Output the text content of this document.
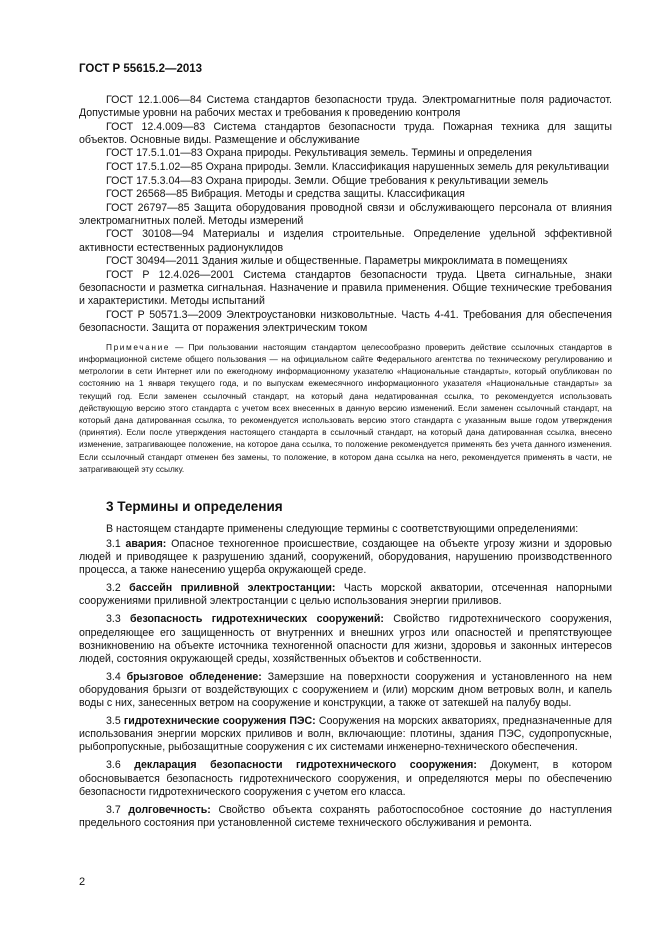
ГОСТ Р 55615.2—2013

ГОСТ 12.1.006—84 Система стандартов безопасности труда. Электромагнитные поля радиочастот. Допустимые уровни на рабочих местах и требования к проведению контроля

ГОСТ 12.4.009—83 Система стандартов безопасности труда. Пожарная техника для защиты объектов. Основные виды. Размещение и обслуживание

ГОСТ 17.5.1.01—83 Охрана природы. Рекультивация земель. Термины и определения

ГОСТ 17.5.1.02—85 Охрана природы. Земли. Классификация нарушенных земель для рекультивации

ГОСТ 17.5.3.04—83 Охрана природы. Земли. Общие требования к рекультивации земель

ГОСТ 26568—85 Вибрация. Методы и средства защиты. Классификация

ГОСТ 26797—85 Защита оборудования проводной связи и обслуживающего персонала от влияния электромагнитных полей. Методы измерений

ГОСТ 30108—94 Материалы и изделия строительные. Определение удельной эффективной активности естественных радионуклидов

ГОСТ 30494—2011 Здания жилые и общественные. Параметры микроклимата в помещениях

ГОСТ Р 12.4.026—2001 Система стандартов безопасности труда. Цвета сигнальные, знаки безопасности и разметка сигнальная. Назначение и правила применения. Общие технические требования и характеристики. Методы испытаний

ГОСТ Р 50571.3—2009 Электроустановки низковольтные. Часть 4-41. Требования для обеспечения безопасности. Защита от поражения электрическим током

Примечание — При пользовании настоящим стандартом целесообразно проверить действие ссылочных стандартов в информационной системе общего пользования — на официальном сайте Федерального агентства по техническому регулированию и метрологии в сети Интернет или по ежегодному информационному указателю «Национальные стандарты», который опубликован по состоянию на 1 января текущего года, и по выпускам ежемесячного информационного указателя «Национальные стандарты» за текущий год. Если заменен ссылочный стандарт, на который дана недатированная ссылка, то рекомендуется использовать действующую версию этого стандарта с учетом всех внесенных в данную версию изменений. Если заменен ссылочный стандарт, на который дана датированная ссылка, то рекомендуется использовать версию этого стандарта с указанным выше годом утверждения (принятия). Если после утверждения настоящего стандарта в ссылочный стандарт, на который дана датированная ссылка, внесено изменение, затрагивающее положение, на которое дана ссылка, то положение рекомендуется применять без учета данного изменения. Если ссылочный стандарт отменен без замены, то положение, в котором дана ссылка на него, рекомендуется применять в части, не затрагивающей эту ссылку.

3 Термины и определения

В настоящем стандарте применены следующие термины с соответствующими определениями:

3.1 авария: Опасное техногенное происшествие, создающее на объекте угрозу жизни и здоровью людей и приводящее к разрушению зданий, сооружений, оборудования, нарушению производственного процесса, а также нанесению ущерба окружающей среде.

3.2 бассейн приливной электростанции: Часть морской акватории, отсеченная напорными сооружениями приливной электростанции с целью использования энергии приливов.

3.3 безопасность гидротехнических сооружений: Свойство гидротехнического сооружения, определяющее его защищенность от внутренних и внешних угроз или опасностей и препятствующее возникновению на объекте источника техногенной опасности для жизни, здоровья и законных интересов людей, состояния окружающей среды, хозяйственных объектов и собственности.

3.4 брызговое обледенение: Замерзшие на поверхности сооружения и установленного на нем оборудования брызги от воздействующих с сооружением и (или) морским дном ветровых волн, и капель воды с них, занесенных ветром на сооружение и конструкции, а также от затекшей на палубу воды.

3.5 гидротехнические сооружения ПЭС: Сооружения на морских акваториях, предназначенные для использования энергии морских приливов и волн, включающие: плотины, здания ПЭС, судопропускные, рыбопропускные, рыбозащитные сооружения с их системами инженерно-технического обеспечения.

3.6 декларация безопасности гидротехнического сооружения: Документ, в котором обосновывается безопасность гидротехнического сооружения, и определяются меры по обеспечению безопасности гидротехнического сооружения с учетом его класса.

3.7 долговечность: Свойство объекта сохранять работоспособное состояние до наступления предельного состояния при установленной системе технического обслуживания и ремонта.

2
